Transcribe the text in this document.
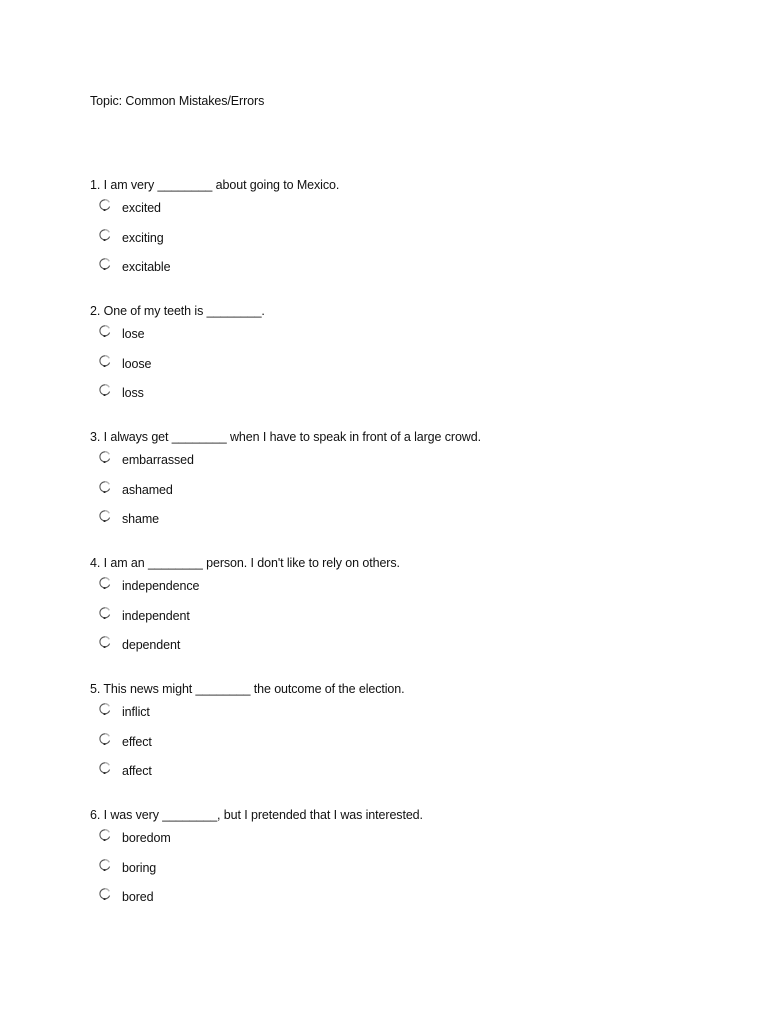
Topic: Common Mistakes/Errors
1. I am very ________ about going to Mexico.
excited
exciting
excitable
2. One of my teeth is ________.
lose
loose
loss
3. I always get ________ when I have to speak in front of a large crowd.
embarrassed
ashamed
shame
4. I am an ________ person. I don't like to rely on others.
independence
independent
dependent
5. This news might ________ the outcome of the election.
inflict
effect
affect
6. I was very ________, but I pretended that I was interested.
boredom
boring
bored
